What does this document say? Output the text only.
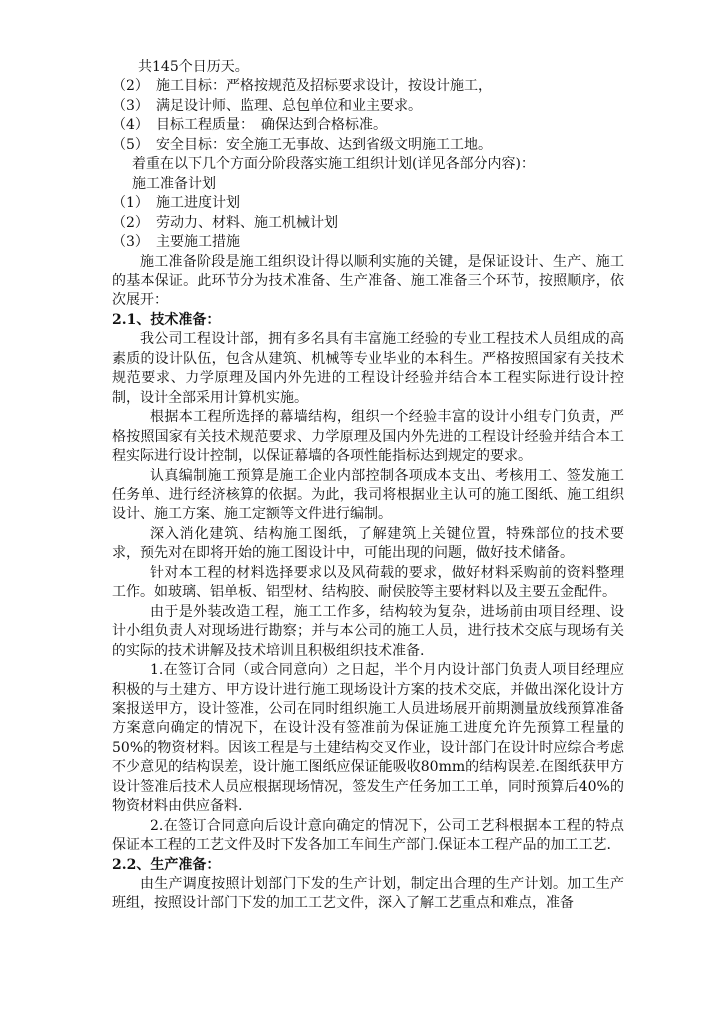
共145个日历天。
（2） 施工目标：严格按规范及招标要求设计，按设计施工，
（3） 满足设计师、监理、总包单位和业主要求。
（4） 目标工程质量：　确保达到合格标准。
（5） 安全目标：安全施工无事故、达到省级文明施工工地。
着重在以下几个方面分阶段落实施工组织计划(详见各部分内容)：
施工准备计划
（1） 施工进度计划
（2） 劳动力、材料、施工机械计划
（3） 主要施工措施

施工准备阶段是施工组织设计得以顺利实施的关键，是保证设计、生产、施工的基本保证。此环节分为技术准备、生产准备、施工准备三个环节，按照顺序，依次展开：

2.1、技术准备：

我公司工程设计部，拥有多名具有丰富施工经验的专业工程技术人员组成的高素质的设计队伍，包含从建筑、机械等专业毕业的本科生。严格按照国家有关技术规范要求、力学原理及国内外先进的工程设计经验并结合本工程实际进行设计控制，设计全部采用计算机实施。

根据本工程所选择的幕墙结构，组织一个经验丰富的设计小组专门负责，严格按照国家有关技术规范要求、力学原理及国内外先进的工程设计经验并结合本工程实际进行设计控制，以保证幕墙的各项性能指标达到规定的要求。

认真编制施工预算是施工企业内部控制各项成本支出、考核用工、签发施工任务单、进行经济核算的依据。为此，我司将根据业主认可的施工图纸、施工组织设计、施工方案、施工定额等文件进行编制。

深入消化建筑、结构施工图纸，了解建筑上关键位置，特殊部位的技术要求，预先对在即将开始的施工图设计中，可能出现的问题，做好技术储备。

针对本工程的材料选择要求以及风荷载的要求，做好材料采购前的资料整理工作。如玻璃、铝单板、铝型材、结构胶、耐侯胶等主要材料以及主要五金配件。

由于是外装改造工程，施工工作多，结构较为复杂，进场前由项目经理、设计小组负责人对现场进行勘察；并与本公司的施工人员，进行技术交底与现场有关的实际的技术讲解及技术培训且积极组织技术准备.

1.在签订合同（或合同意向）之日起，半个月内设计部门负责人项目经理应积极的与土建方、甲方设计进行施工现场设计方案的技术交底，并做出深化设计方案报送甲方，设计签准，公司在同时组织施工人员进场展开前期测量放线预算准备方案意向确定的情况下，在设计没有签准前为保证施工进度允许先预算工程量的50%的物资材料。因该工程是与土建结构交叉作业，设计部门在设计时应综合考虑不少意见的结构误差，设计施工图纸应保证能吸收80mm的结构误差.在图纸获甲方设计签准后技术人员应根据现场情况，签发生产任务加工工单，同时预算后40%的物资材料由供应备料.

2.在签订合同意向后设计意向确定的情况下，公司工艺科根据本工程的特点保证本工程的工艺文件及时下发各加工车间生产部门.保证本工程产品的加工工艺.

2.2、生产准备：

由生产调度按照计划部门下发的生产计划，制定出合理的生产计划。加工生产班组，按照设计部门下发的加工工艺文件，深入了解工艺重点和难点，准备
